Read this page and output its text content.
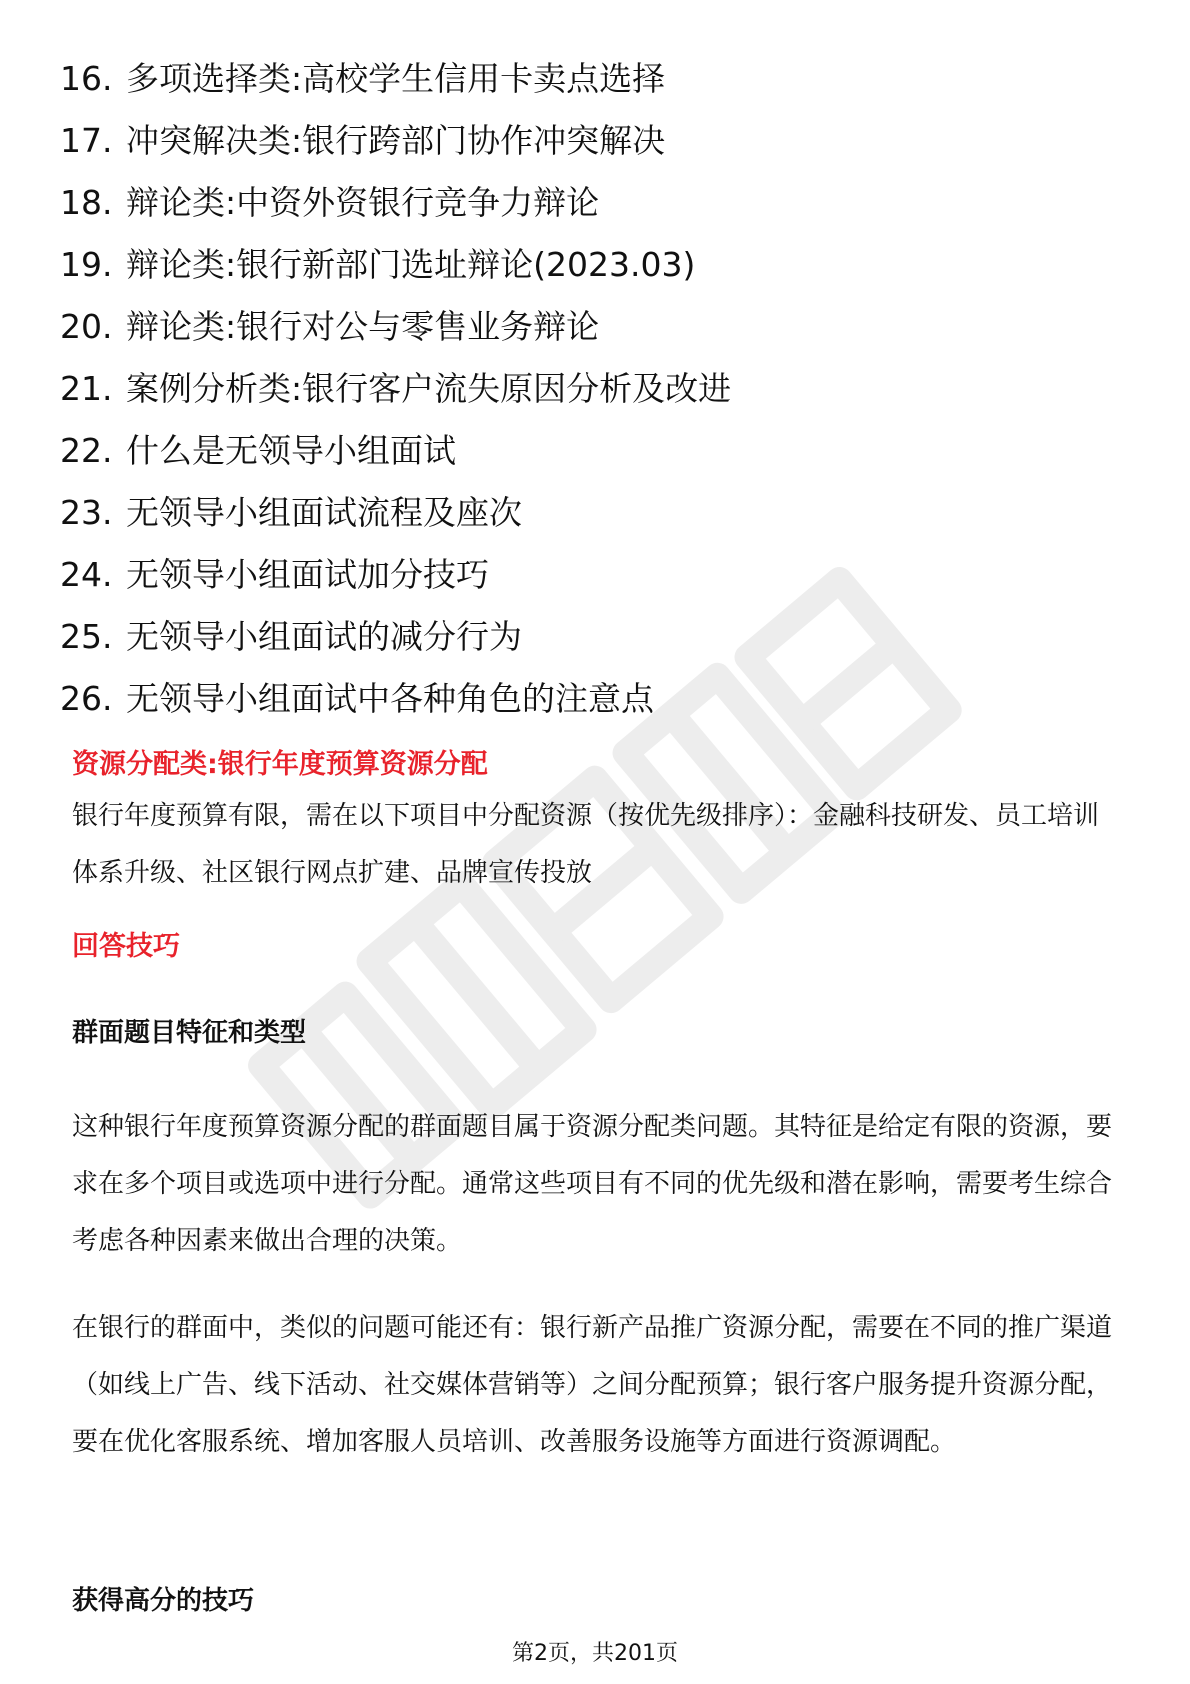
16. 多项选择类:高校学生信用卡卖点选择
17. 冲突解决类:银行跨部门协作冲突解决
18. 辩论类:中资外资银行竞争力辩论
19. 辩论类:银行新部门选址辩论(2023.03)
20. 辩论类:银行对公与零售业务辩论
21. 案例分析类:银行客户流失原因分析及改进
22. 什么是无领导小组面试
23. 无领导小组面试流程及座次
24. 无领导小组面试加分技巧
25. 无领导小组面试的减分行为
26. 无领导小组面试中各种角色的注意点
资源分配类:银行年度预算资源分配

银行年度预算有限，需在以下项目中分配资源（按优先级排序）：金融科技研发、员工培训体系升级、社区银行网点扩建、品牌宣传投放

回答技巧
群面题目特征和类型

这种银行年度预算资源分配的群面题目属于资源分配类问题。其特征是给定有限的资源，要求在多个项目或选项中进行分配。通常这些项目有不同的优先级和潜在影响，需要考生综合考虑各种因素来做出合理的决策。

在银行的群面中，类似的问题可能还有：银行新产品推广资源分配，需要在不同的推广渠道（如线上广告、线下活动、社交媒体营销等）之间分配预算；银行客户服务提升资源分配，要在优化客服系统、增加客服人员培训、改善服务设施等方面进行资源调配。

获得高分的技巧
第2页，共201页
